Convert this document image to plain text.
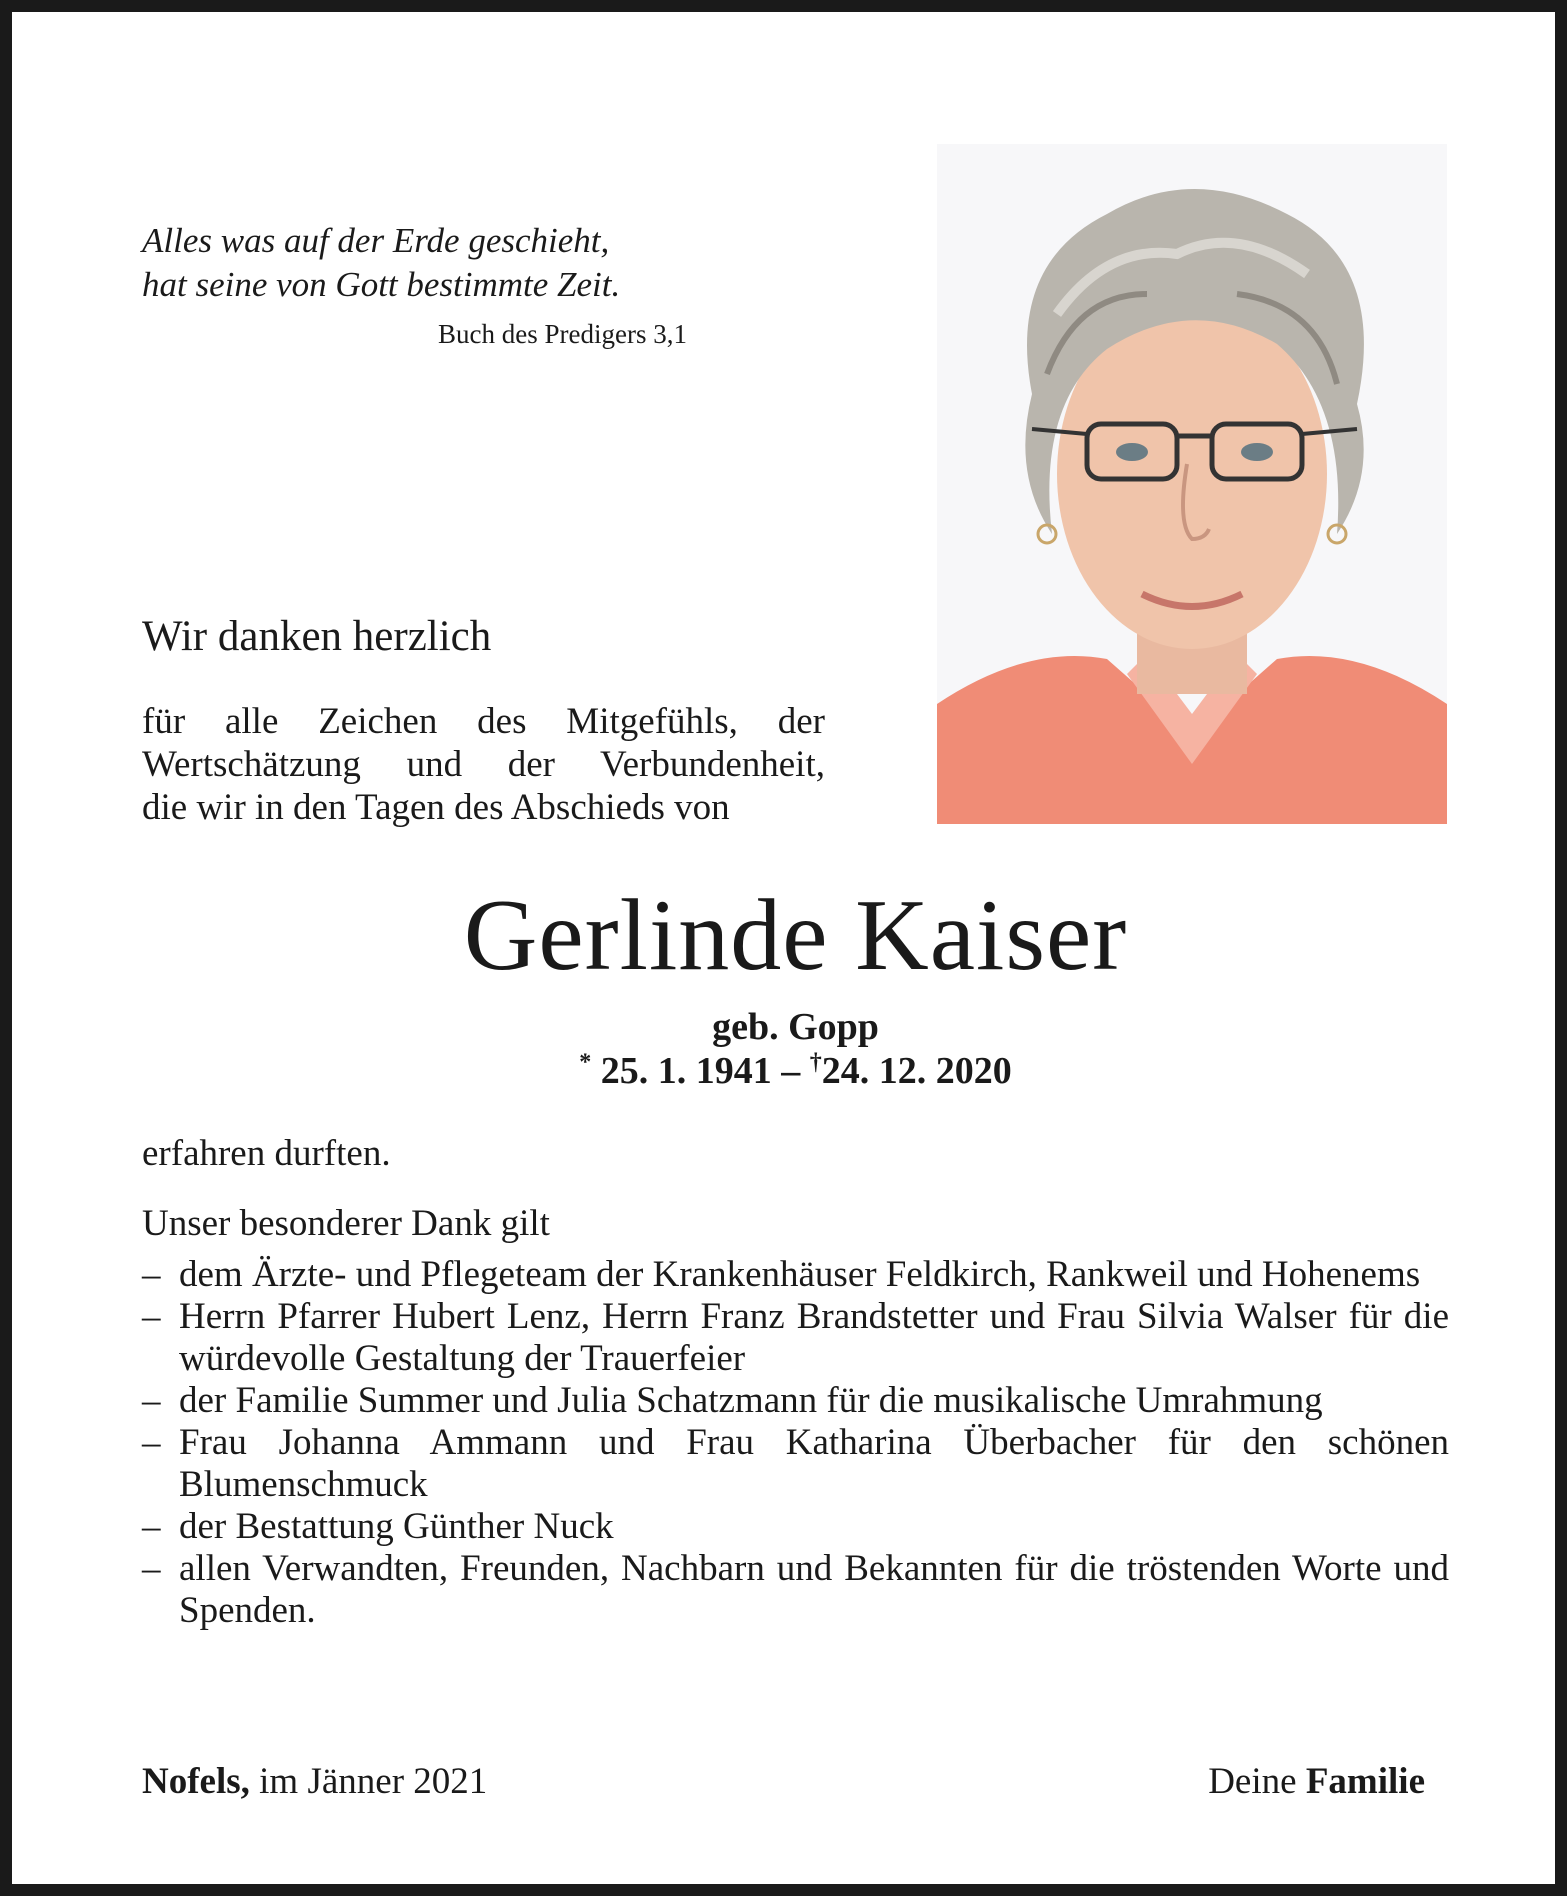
Alles was auf der Erde geschieht,
hat seine von Gott bestimmte Zeit.
Buch des Predigers 3,1
Wir danken herzlich
für alle Zeichen des Mitgefühls, der
Wertschätzung und der Verbundenheit,
die wir in den Tagen des Abschieds von
Gerlinde Kaiser
geb. Gopp
* 25. 1. 1941 – †24. 12. 2020
erfahren durften.
Unser besonderer Dank gilt
– dem Ärzte- und Pflegeteam der Krankenhäuser Feldkirch, Rankweil und Hohenems
– Herrn Pfarrer Hubert Lenz, Herrn Franz Brandstetter und Frau Silvia Walser für die würdevolle Gestaltung der Trauerfeier
– der Familie Summer und Julia Schatzmann für die musikalische Umrahmung
– Frau Johanna Ammann und Frau Katharina Überbacher für den schönen Blumenschmuck
– der Bestattung Günther Nuck
– allen Verwandten, Freunden, Nachbarn und Bekannten für die tröstenden Worte und Spenden.
Nofels, im Jänner 2021	Deine Familie
